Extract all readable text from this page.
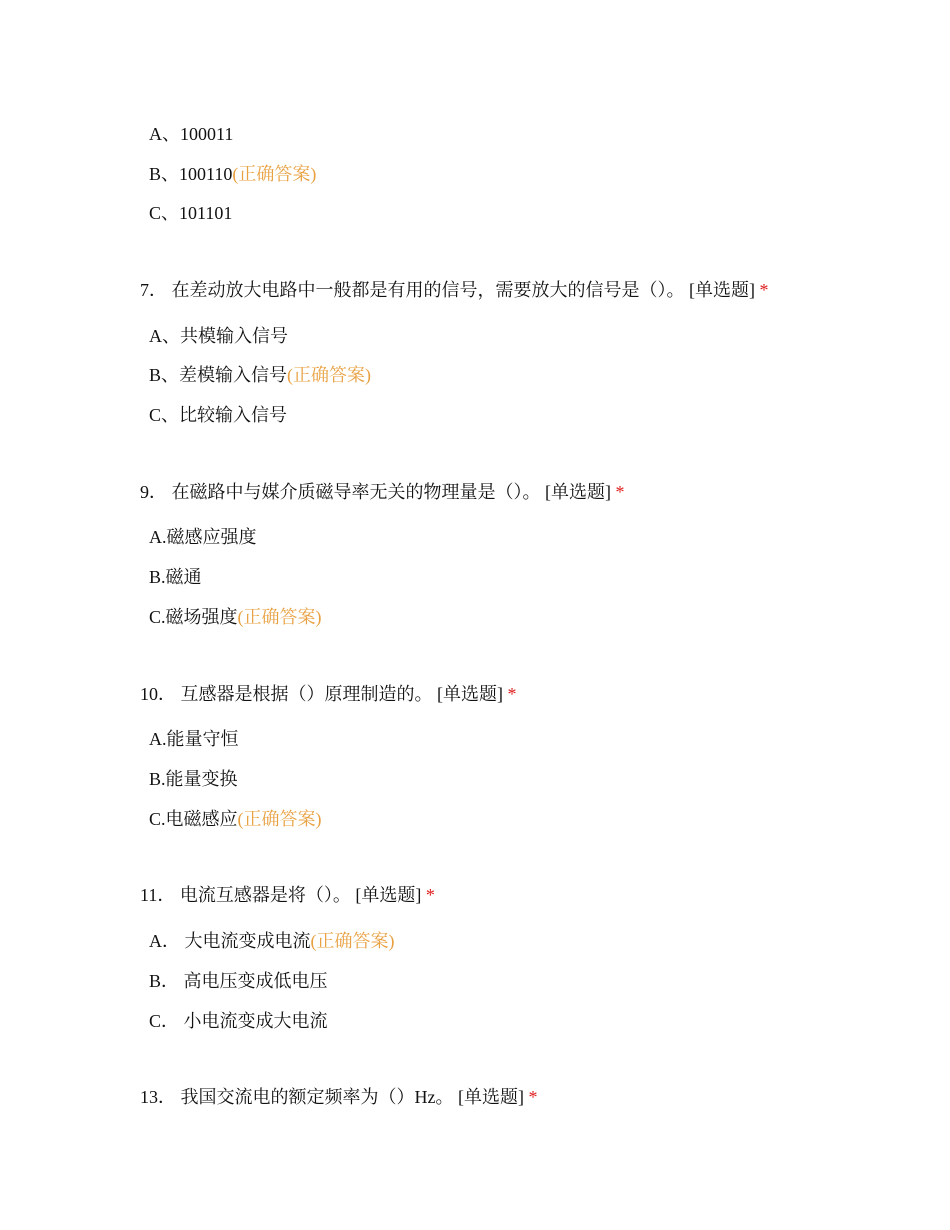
A、100011
B、100110(正确答案)
C、101101
7． 在差动放大电路中一般都是有用的信号，需要放大的信号是（）。 [单选题] *
A、共模输入信号
B、差模输入信号(正确答案)
C、比较输入信号
9． 在磁路中与媒介质磁导率无关的物理量是（）。 [单选题] *
A.磁感应强度
B.磁通
C.磁场强度(正确答案)
10． 互感器是根据（）原理制造的。 [单选题] *
A.能量守恒
B.能量变换
C.电磁感应(正确答案)
11． 电流互感器是将（）。 [单选题] *
A． 大电流变成电流(正确答案)
B． 高电压变成低电压
C． 小电流变成大电流
13． 我国交流电的额定频率为（）Hz。 [单选题] *
